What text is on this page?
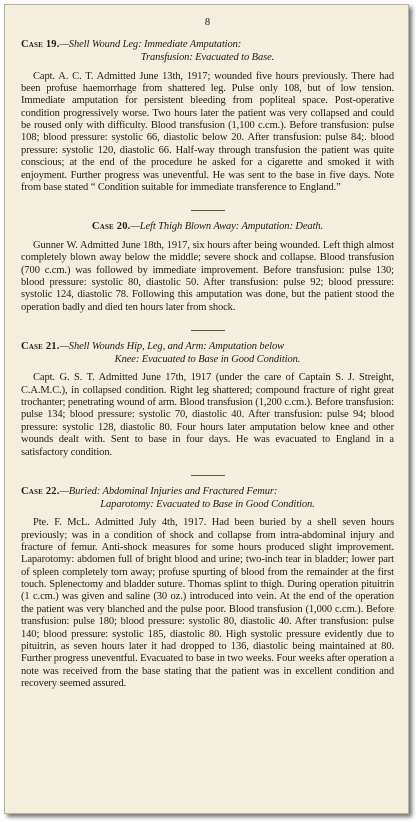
8

Case 19.—Shell Wound Leg: Immediate Amputation:
Transfusion: Evacuated to Base.

Capt. A. C. T. Admitted June 13th, 1917; wounded five hours previously. There had been profuse haemorrhage from shattered leg. Pulse only 108, but of low tension. Immediate amputation for persistent bleeding from popliteal space. Post-operative condition progressively worse. Two hours later the patient was very collapsed and could be roused only with difficulty. Blood transfusion (1,100 c.cm.). Before transfusion: pulse 108; blood pressure: systolic 66, diastolic below 20. After transfusion: pulse 84;. blood pressure: systolic 120, diastolic 66. Half-way through transfusion the patient was quite conscious; at the end of the procedure he asked for a cigarette and smoked it with enjoyment. Further progress was uneventful. He was sent to the base in five days. Note from base stated “ Condition suitable for immediate transference to England.”

Case 20.—Left Thigh Blown Away: Amputation: Death.

Gunner W. Admitted June 18th, 1917, six hours after being wounded. Left thigh almost completely blown away below the middle; severe shock and collapse. Blood transfusion (700 c.cm.) was followed by immediate improvement. Before transfusion: pulse 130; blood pressure: systolic 80, diastolic 50. After transfusion: pulse 92; blood pressure: systolic 124, diastolic 78. Following this amputation was done, but the patient stood the operation badly and died ten hours later from shock.

Case 21.—Shell Wounds Hip, Leg, and Arm: Amputation below
Knee: Evacuated to Base in Good Condition.

Capt. G. S. T. Admitted June 17th, 1917 (under the care of Captain S. J. Streight, C.A.M.C.), in collapsed condition. Right leg shattered; compound fracture of right great trochanter; penetrating wound of arm. Blood transfusion (1,200 c.cm.). Before transfusion: pulse 134; blood pressure: systolic 70, diastolic 40. After transfusion: pulse 94; blood pressure: systolic 128, diastolic 80. Four hours later amputation below knee and other wounds dealt with. Sent to base in four days. He was evacuated to England in a satisfactory condition.

Case 22.—Buried: Abdominal Injuries and Fractured Femur:
Laparotomy: Evacuated to Base in Good Condition.

Pte. F. McL. Admitted July 4th, 1917. Had been buried by a shell seven hours previously; was in a condition of shock and collapse from intra-abdominal injury and fracture of femur. Anti-shock measures for some hours produced slight improvement. Laparotomy: abdomen full of bright blood and urine; two-inch tear in bladder; lower part of spleen completely torn away; profuse spurting of blood from the remainder at the first touch. Splenectomy and bladder suture. Thomas splint to thigh. During operation pituitrin (1 c.cm.) was given and saline (30 oz.) introduced into vein. At the end of the operation the patient was very blanched and the pulse poor. Blood transfusion (1,000 c.cm.). Before transfusion: pulse 180; blood pressure: systolic 80, diastolic 40. After transfusion: pulse 140; blood pressure: systolic 185, diastolic 80. High systolic pressure evidently due to pituitrin, as seven hours later it had dropped to 136, diastolic being maintained at 80. Further progress uneventful. Evacuated to base in two weeks. Four weeks after operation a note was received from the base stating that the patient was in excellent condition and recovery seemed assured.
